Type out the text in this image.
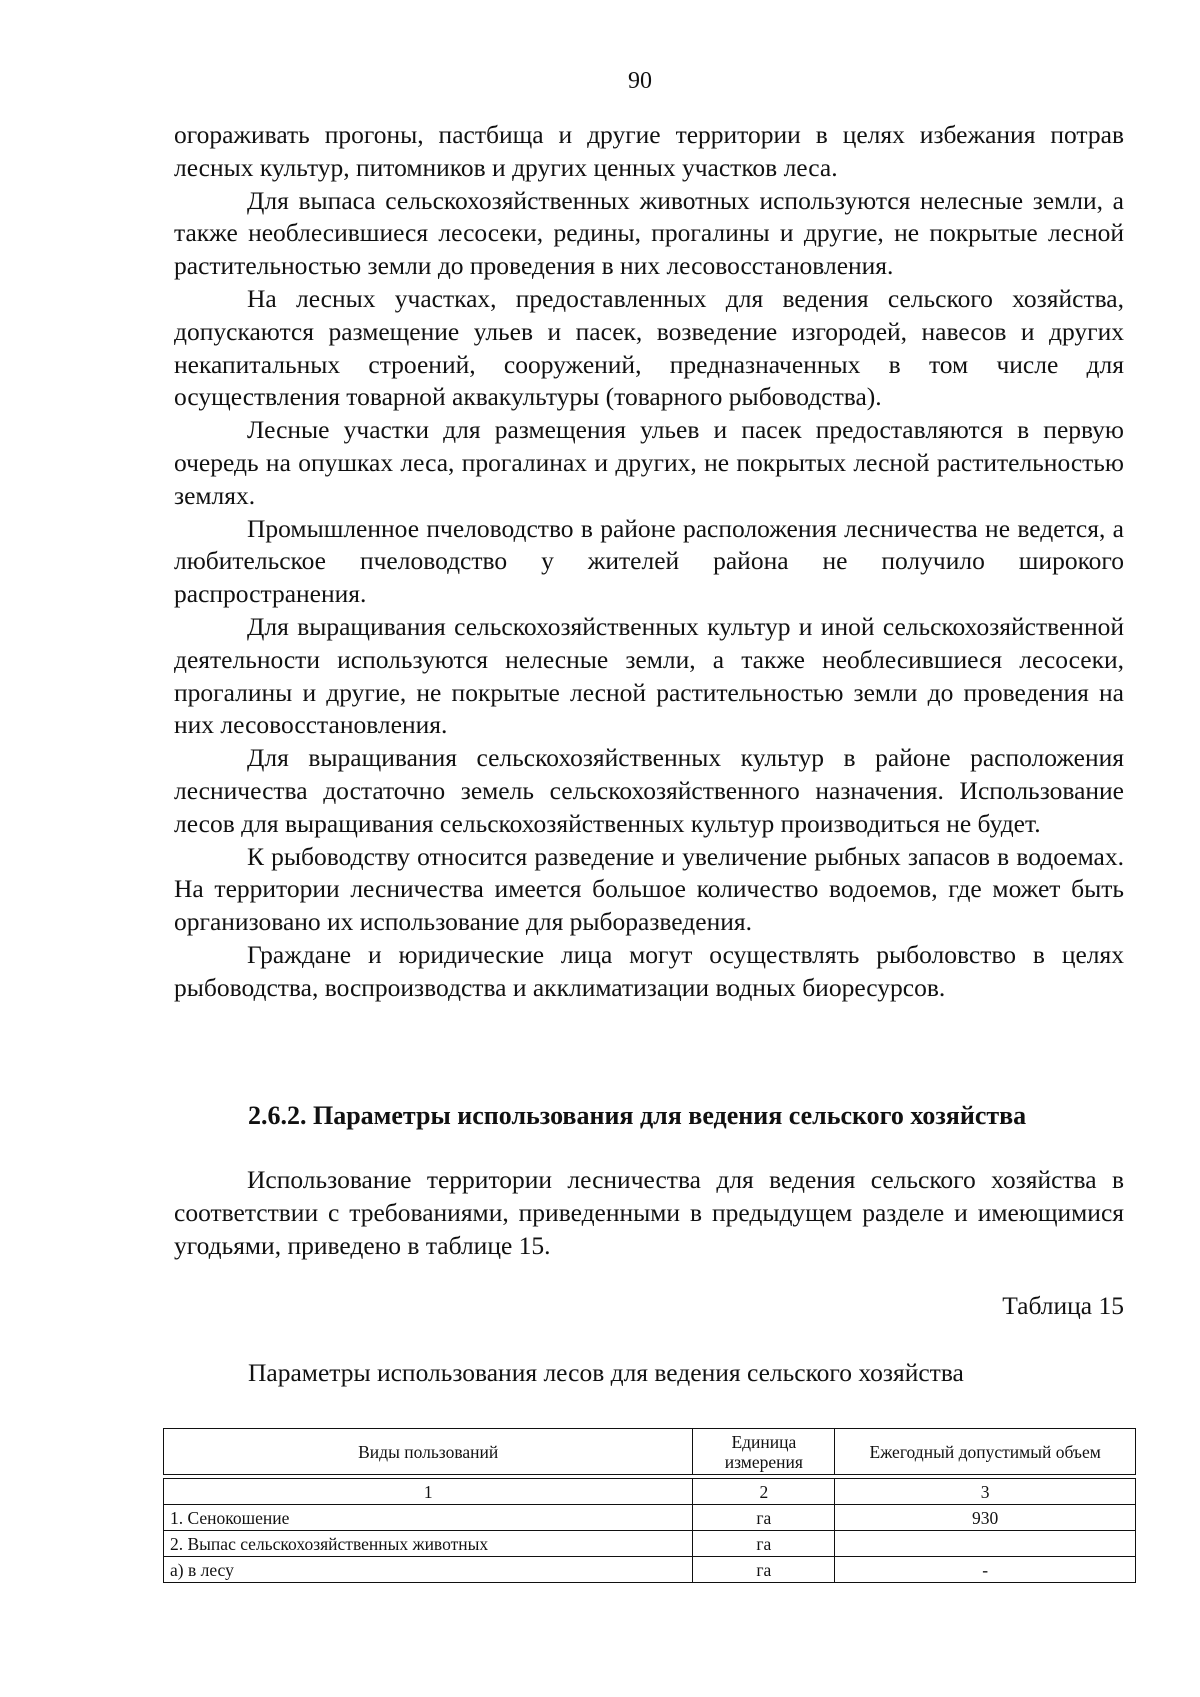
90

огораживать прогоны, пастбища и другие территории в целях избежания потрав лесных культур, питомников и других ценных участков леса.

Для выпаса сельскохозяйственных животных используются нелесные земли, а также необлесившиеся лесосеки, редины, прогалины и другие, не покрытые лесной растительностью земли до проведения в них лесовосстановления.

На лесных участках, предоставленных для ведения сельского хозяйства, допускаются размещение ульев и пасек, возведение изгородей, навесов и других некапитальных строений, сооружений, предназначенных в том числе для осуществления товарной аквакультуры (товарного рыбоводства).

Лесные участки для размещения ульев и пасек предоставляются в первую очередь на опушках леса, прогалинах и других, не покрытых лесной растительностью землях.

Промышленное пчеловодство в районе расположения лесничества не ведется, а любительское пчеловодство у жителей района не получило широкого распространения.

Для выращивания сельскохозяйственных культур и иной сельскохозяйственной деятельности используются нелесные земли, а также необлесившиеся лесосеки, прогалины и другие, не покрытые лесной растительностью земли до проведения на них лесовосстановления.

Для выращивания сельскохозяйственных культур в районе расположения лесничества достаточно земель сельскохозяйственного назначения. Использование лесов для выращивания сельскохозяйственных культур производиться не будет.

К рыбоводству относится разведение и увеличение рыбных запасов в водоемах. На территории лесничества имеется большое количество водоемов, где может быть организовано их использование для рыборазведения.

Граждане и юридические лица могут осуществлять рыболовство в целях рыбоводства, воспроизводства и акклиматизации водных биоресурсов.

2.6.2. Параметры использования для ведения сельского хозяйства

Использование территории лесничества для ведения сельского хозяйства в соответствии с требованиями, приведенными в предыдущем разделе и имеющимися угодьями, приведено в таблице 15.

Таблица 15
Параметры использования лесов для ведения сельского хозяйства
Виды пользований	Единица измерения	Ежегодный допустимый объем

1	2	3
1. Сенокошение	га	930
2. Выпас сельскохозяйственных животных	га	
а) в лесу	га	-
